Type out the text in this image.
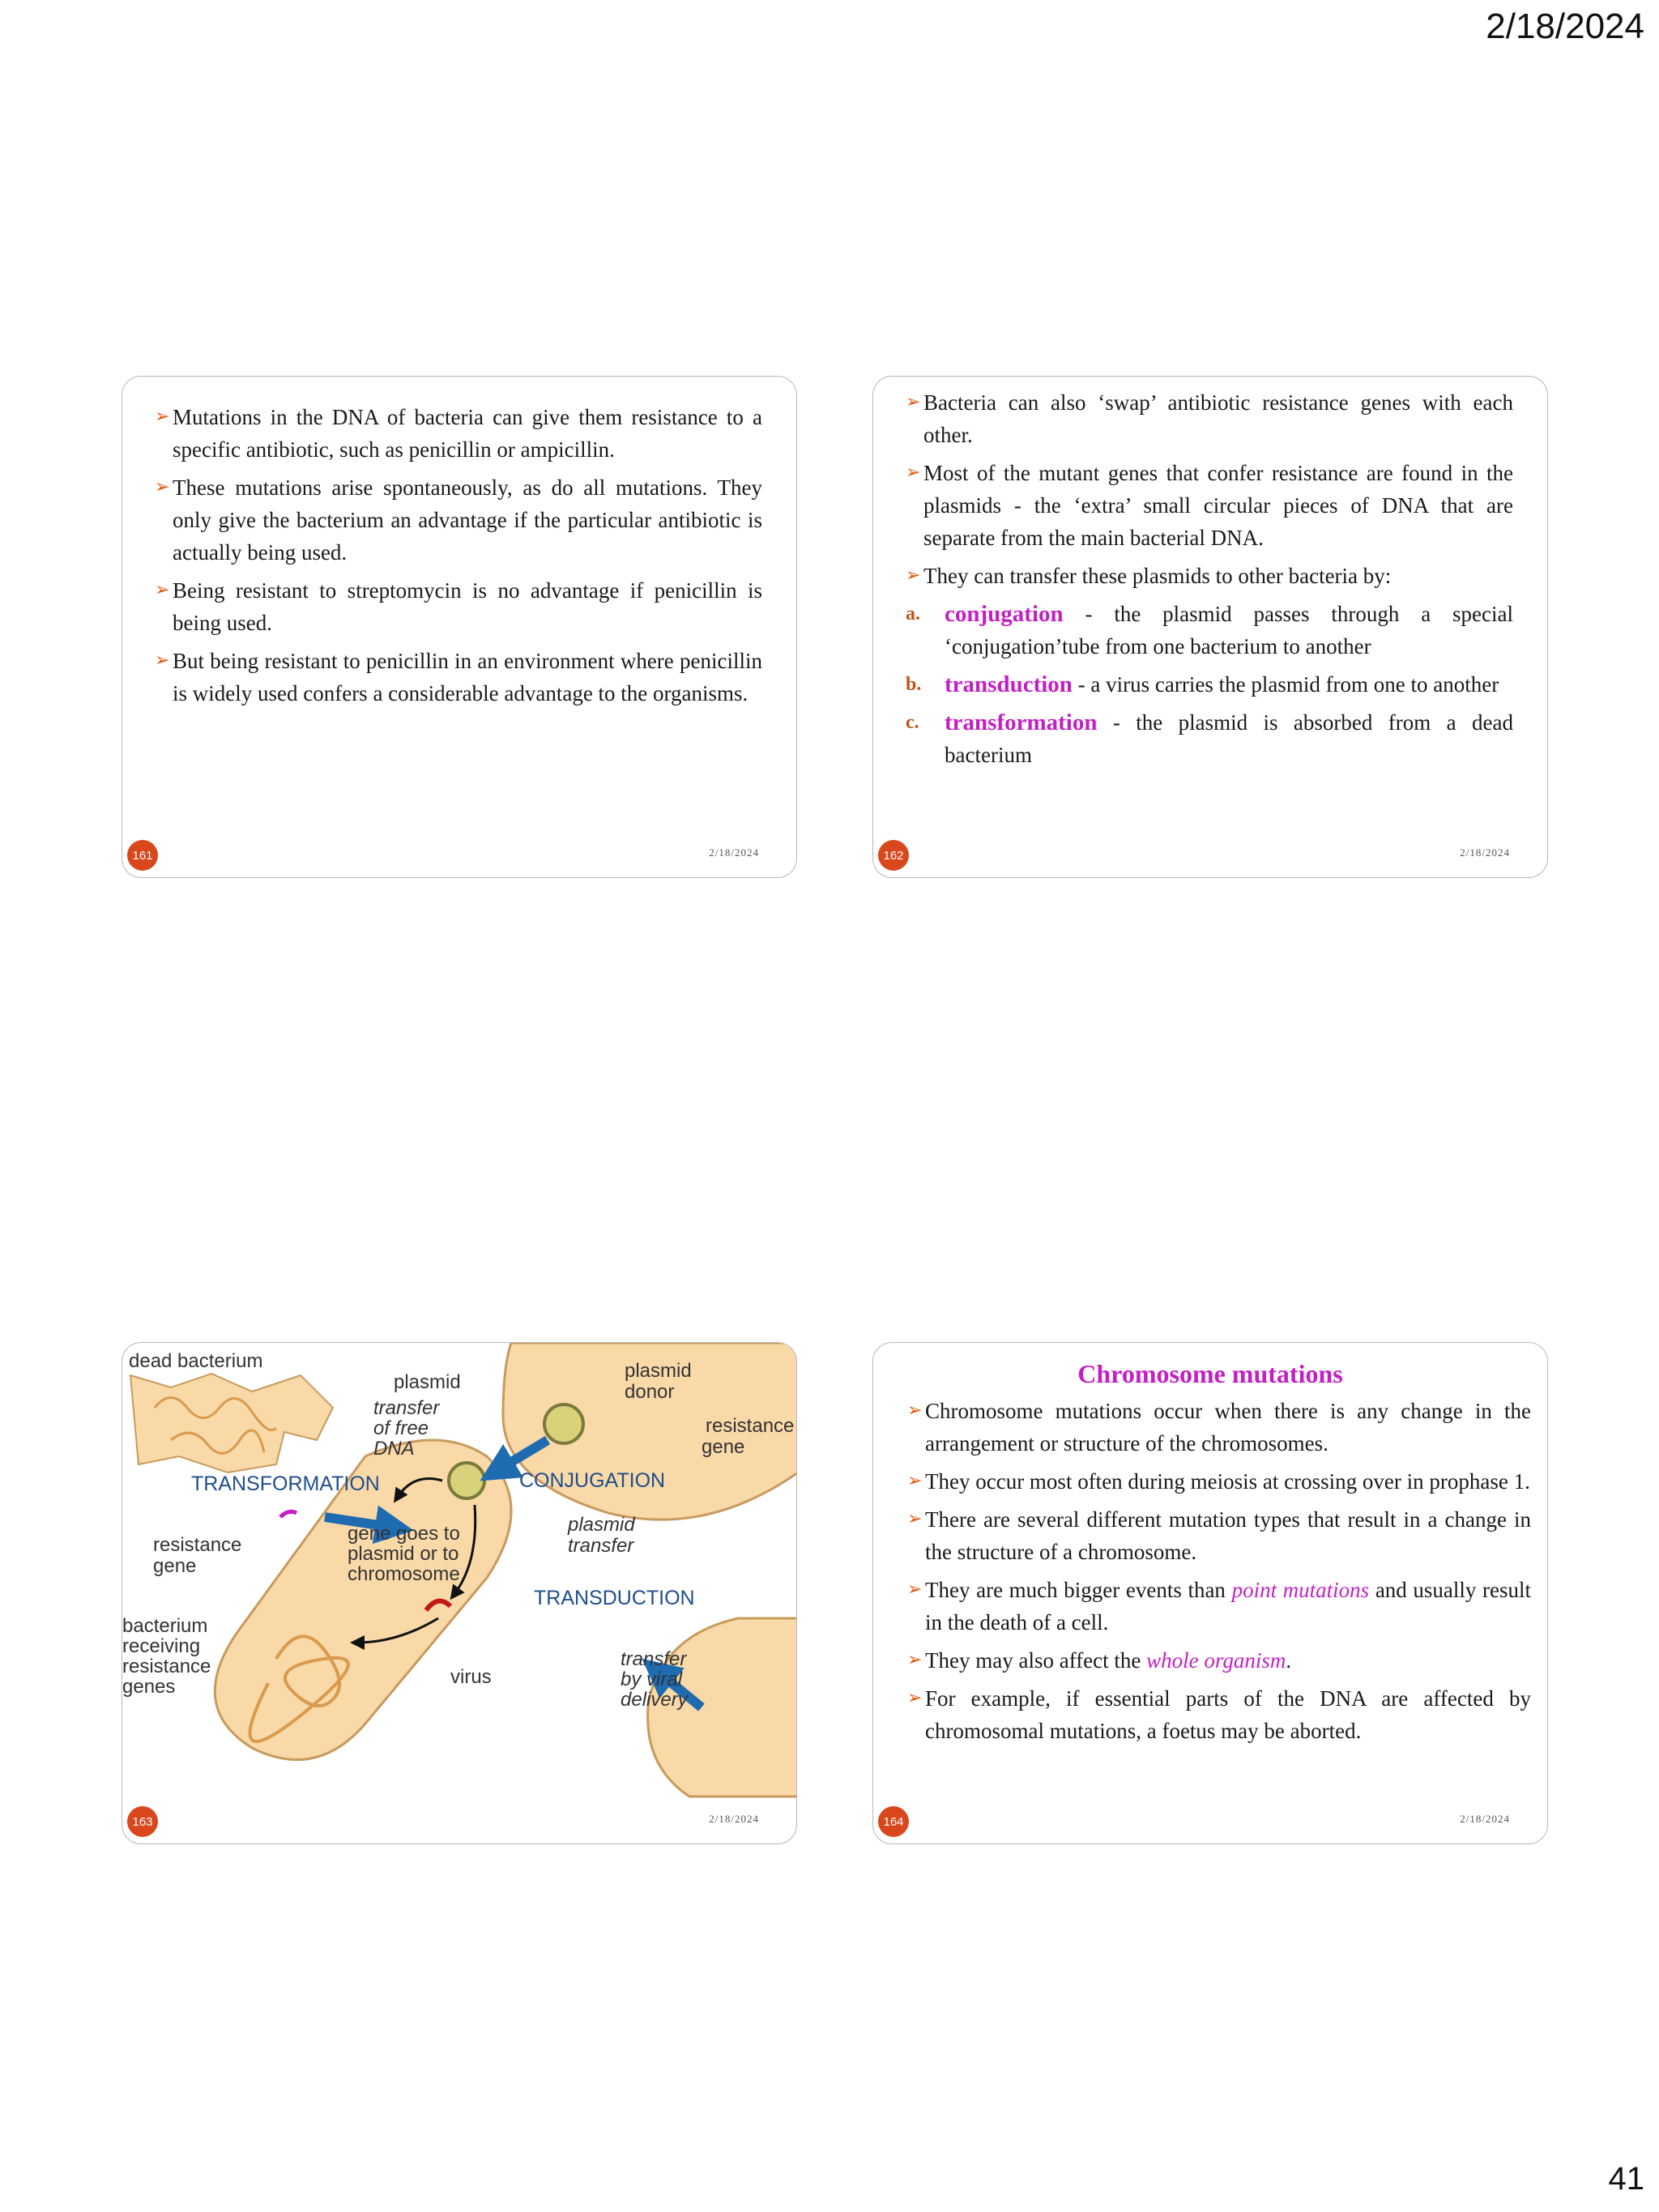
2/18/2024
➢ Mutations in the DNA of bacteria can give them resistance to a specific antibiotic, such as penicillin or ampicillin.
➢ These mutations arise spontaneously, as do all mutations. They only give the bacterium an advantage if the particular antibiotic is actually being used.
➢ Being resistant to streptomycin is no advantage if penicillin is being used.
➢ But being resistant to penicillin in an environment where penicillin is widely used confers a considerable advantage to the organisms.
161	2/18/2024
➢ Bacteria can also ‘swap’ antibiotic resistance genes with each other.
➢ Most of the mutant genes that confer resistance are found in the plasmids - the ‘extra’ small circular pieces of DNA that are separate from the main bacterial DNA.
➢ They can transfer these plasmids to other bacteria by:
a. conjugation - the plasmid passes through a special ‘conjugation’tube from one bacterium to another
b. transduction - a virus carries the plasmid from one to another
c. transformation - the plasmid is absorbed from a dead bacterium
162	2/18/2024
dead bacterium
plasmid
transfer
of free
DNA
plasmid
donor
resistance
gene
TRANSFORMATION	CONJUGATION
resistance
gene
gene goes to
plasmid or to
chromosome
plasmid
transfer
TRANSDUCTION
bacterium
receiving
resistance
genes	virus
transfer
by viral
delivery
163	2/18/2024
Chromosome mutations
➢ Chromosome mutations occur when there is any change in the arrangement or structure of the chromosomes.
➢ They occur most often during meiosis at crossing over in prophase 1.
➢ There are several different mutation types that result in a change in the structure of a chromosome.
➢ They are much bigger events than point mutations and usually result in the death of a cell.
➢ They may also affect the whole organism.
➢ For example, if essential parts of the DNA are affected by chromosomal mutations, a foetus may be aborted.
164	2/18/2024
41
